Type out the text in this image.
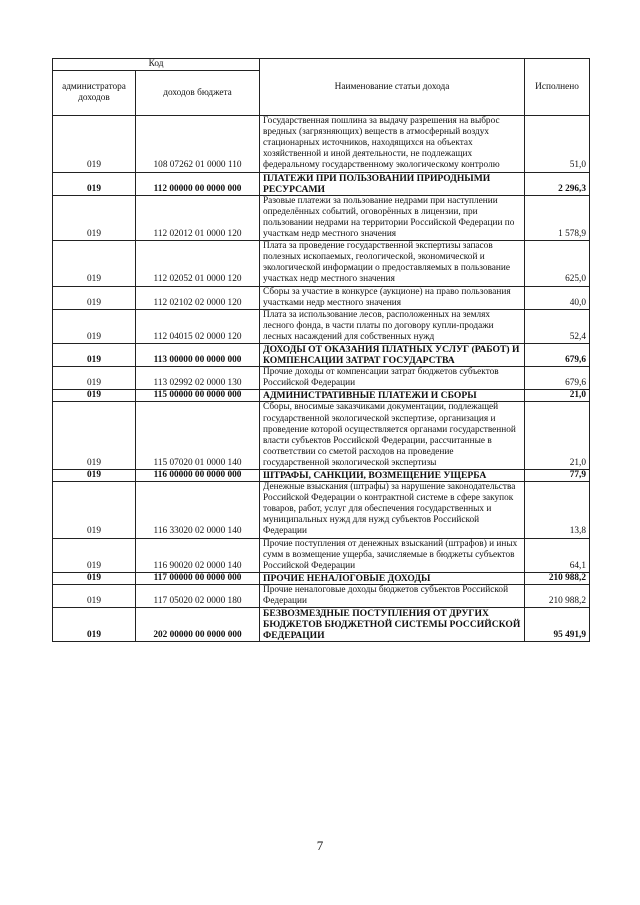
Код		Наименование статьи дохода	Исполнено
администратора доходов	доходов бюджета		
019	108 07262 01 0000 110	Государственная пошлина за выдачу разрешения на выброс вредных (загрязняющих) веществ в атмосферный воздух стационарных источников, находящихся на объектах хозяйственной и иной деятельности, не подлежащих федеральному государственному экологическому контролю	51,0
019	112 00000 00 0000 000	ПЛАТЕЖИ ПРИ ПОЛЬЗОВАНИИ ПРИРОДНЫМИ РЕСУРСАМИ	2 296,3
019	112 02012 01 0000 120	Разовые платежи за пользование недрами при наступлении определённых событий, оговорённых в лицензии, при пользовании недрами на территории Российской Федерации по участкам недр местного значения	1 578,9
019	112 02052 01 0000 120	Плата за проведение государственной экспертизы запасов полезных ископаемых, геологической, экономической и экологической информации о предоставляемых в пользование участках недр местного значения	625,0
019	112 02102 02 0000 120	Сборы за участие в конкурсе (аукционе) на право пользования участками недр местного значения	40,0
019	112 04015 02 0000 120	Плата за использование лесов, расположенных на землях лесного фонда, в части платы по договору купли-продажи лесных насаждений для собственных нужд	52,4
019	113 00000 00 0000 000	ДОХОДЫ ОТ ОКАЗАНИЯ ПЛАТНЫХ УСЛУГ (РАБОТ) И КОМПЕНСАЦИИ ЗАТРАТ ГОСУДАРСТВА	679,6
019	113 02992 02 0000 130	Прочие доходы от компенсации затрат бюджетов субъектов Российской Федерации	679,6
019	115 00000 00 0000 000	АДМИНИСТРАТИВНЫЕ ПЛАТЕЖИ И СБОРЫ	21,0
019	115 07020 01 0000 140	Сборы, вносимые заказчиками документации, подлежащей государственной экологической экспертизе, организация и проведение которой осуществляется органами государственной власти субъектов Российской Федерации, рассчитанные в соответствии со сметой расходов на проведение государственной экологической экспертизы	21,0
019	116 00000 00 0000 000	ШТРАФЫ, САНКЦИИ, ВОЗМЕЩЕНИЕ УЩЕРБА	77,9
019	116 33020 02 0000 140	Денежные взыскания (штрафы) за нарушение законодательства Российской Федерации о контрактной системе в сфере закупок товаров, работ, услуг для обеспечения государственных и муниципальных нужд для нужд субъектов Российской Федерации	13,8
019	116 90020 02 0000 140	Прочие поступления от денежных взысканий (штрафов) и иных сумм в возмещение ущерба, зачисляемые в бюджеты субъектов Российской Федерации	64,1
019	117 00000 00 0000 000	ПРОЧИЕ НЕНАЛОГОВЫЕ ДОХОДЫ	210 988,2
019	117 05020 02 0000 180	Прочие неналоговые доходы бюджетов субъектов Российской Федерации	210 988,2
019	202 00000 00 0000 000	БЕЗВОЗМЕЗДНЫЕ ПОСТУПЛЕНИЯ ОТ ДРУГИХ БЮДЖЕТОВ БЮДЖЕТНОЙ СИСТЕМЫ РОССИЙСКОЙ ФЕДЕРАЦИИ	95 491,9
7
